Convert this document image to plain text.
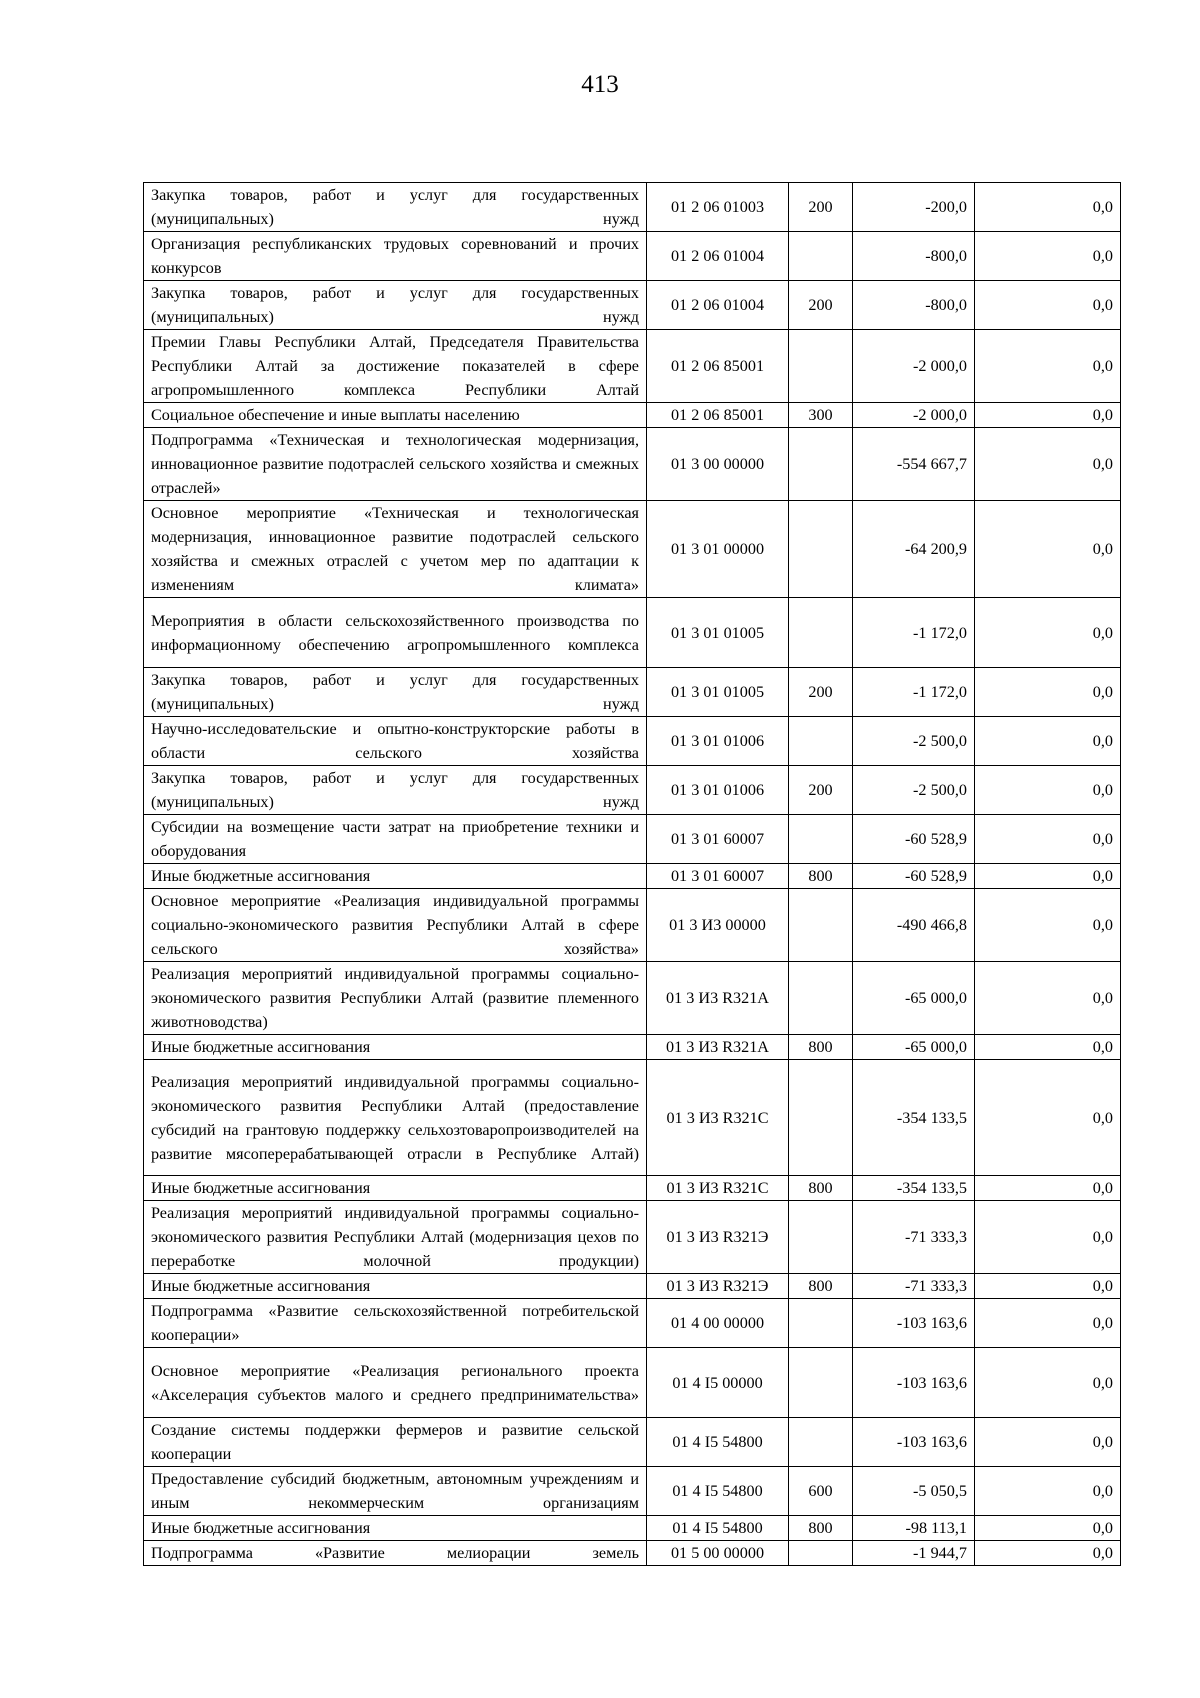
413
Закупка товаров, работ и услуг для государственных (муниципальных) нужд	01 2 06 01003	200	-200,0	0,0
Организация республиканских трудовых соревнований и прочих конкурсов	01 2 06 01004		-800,0	0,0
Закупка товаров, работ и услуг для государственных (муниципальных) нужд	01 2 06 01004	200	-800,0	0,0
Премии Главы Республики Алтай, Председателя Правительства Республики Алтай за достижение показателей в сфере агропромышленного комплекса Республики Алтай	01 2 06 85001		-2 000,0	0,0
Социальное обеспечение и иные выплаты населению	01 2 06 85001	300	-2 000,0	0,0
Подпрограмма «Техническая и технологическая модернизация, инновационное развитие подотраслей сельского хозяйства и смежных отраслей»	01 3 00 00000		-554 667,7	0,0
Основное мероприятие «Техническая и технологическая модернизация, инновационное развитие подотраслей сельского хозяйства и смежных отраслей с учетом мер по адаптации к изменениям климата»	01 3 01 00000		-64 200,9	0,0
Мероприятия в области сельскохозяйственного производства по информационному обеспечению агропромышленного комплекса	01 3 01 01005		-1 172,0	0,0
Закупка товаров, работ и услуг для государственных (муниципальных) нужд	01 3 01 01005	200	-1 172,0	0,0
Научно-исследовательские и опытно-конструкторские работы в области сельского хозяйства	01 3 01 01006		-2 500,0	0,0
Закупка товаров, работ и услуг для государственных (муниципальных) нужд	01 3 01 01006	200	-2 500,0	0,0
Субсидии на возмещение части затрат на приобретение техники и оборудования	01 3 01 60007		-60 528,9	0,0
Иные бюджетные ассигнования	01 3 01 60007	800	-60 528,9	0,0
Основное мероприятие «Реализация индивидуальной программы социально-экономического развития Республики Алтай в сфере сельского хозяйства»	01 3 И3 00000		-490 466,8	0,0
Реализация мероприятий индивидуальной программы социально-экономического развития Республики Алтай (развитие племенного животноводства)	01 3 И3 R321А		-65 000,0	0,0
Иные бюджетные ассигнования	01 3 И3 R321А	800	-65 000,0	0,0
Реализация мероприятий индивидуальной программы социально-экономического развития Республики Алтай (предоставление субсидий на грантовую поддержку сельхозтоваропроизводителей на развитие мясоперерабатывающей отрасли в Республике Алтай)	01 3 И3 R321С		-354 133,5	0,0
Иные бюджетные ассигнования	01 3 И3 R321С	800	-354 133,5	0,0
Реализация мероприятий индивидуальной программы социально-экономического развития Республики Алтай (модернизация цехов по переработке молочной продукции)	01 3 И3 R321Э		-71 333,3	0,0
Иные бюджетные ассигнования	01 3 И3 R321Э	800	-71 333,3	0,0
Подпрограмма «Развитие сельскохозяйственной потребительской кооперации»	01 4 00 00000		-103 163,6	0,0
Основное мероприятие «Реализация регионального проекта «Акселерация субъектов малого и среднего предпринимательства»	01 4 I5 00000		-103 163,6	0,0
Создание системы поддержки фермеров и развитие сельской кооперации	01 4 I5 54800		-103 163,6	0,0
Предоставление субсидий бюджетным, автономным учреждениям и иным некоммерческим организациям	01 4 I5 54800	600	-5 050,5	0,0
Иные бюджетные ассигнования	01 4 I5 54800	800	-98 113,1	0,0
Подпрограмма «Развитие мелиорации земель	01 5 00 00000		-1 944,7	0,0
